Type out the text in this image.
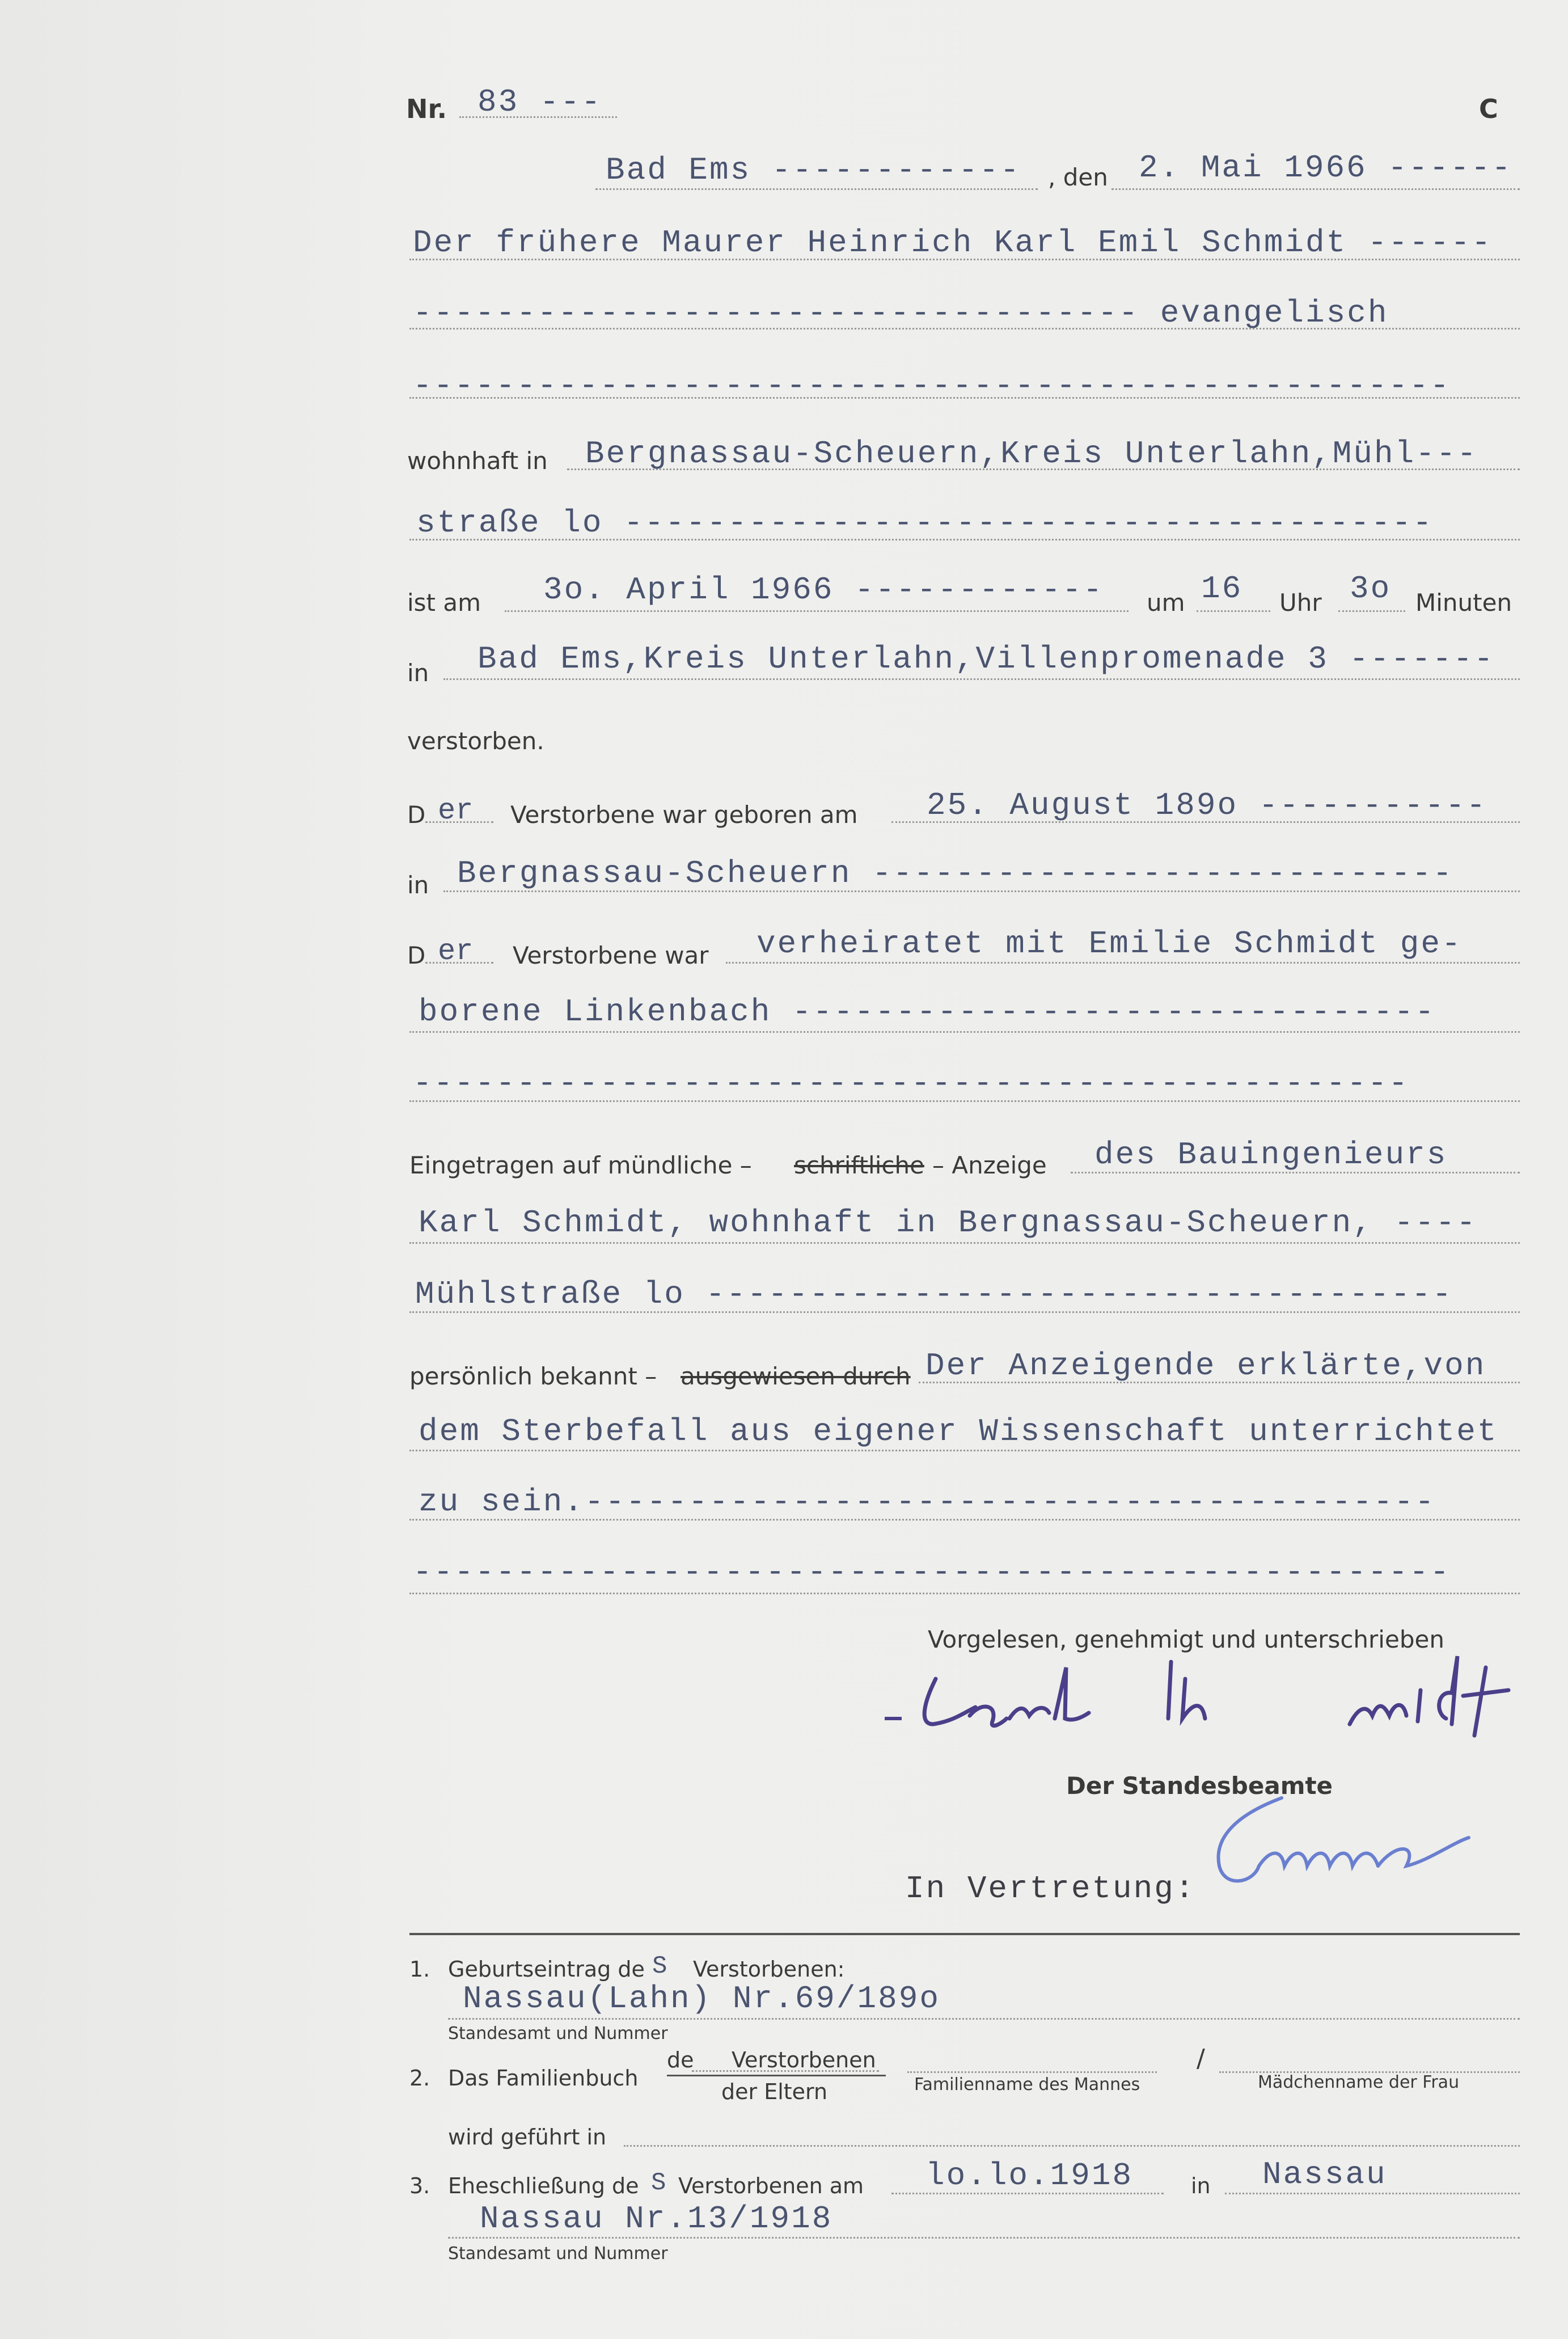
Nr. 83 ---	C
Bad Ems ------------ , den 2. Mai 1966 ------
Der frühere Maurer Heinrich Karl Emil Schmidt ------
----------------------------------- evangelisch
--------------------------------------------------
wohnhaft in Bergnassau-Scheuern,Kreis Unterlahn,Mühl---
straße lo ---------------------------------------
ist am 3o. April 1966 ------------ um 16 Uhr 3o Minuten
in Bad Ems,Kreis Unterlahn,Villenpromenade 3 -------
verstorben.
D er Verstorbene war geboren am 25. August 189o -----------
in Bergnassau-Scheuern ----------------------------
D er Verstorbene war verheiratet mit Emilie Schmidt ge-
borene Linkenbach -------------------------------
------------------------------------------------
Eingetragen auf mündliche – schriftliche – Anzeige des Bauingenieurs
Karl Schmidt, wohnhaft in Bergnassau-Scheuern, ----
Mühlstraße lo ------------------------------------
persönlich bekannt – ausgewiesen durch Der Anzeigende erklärte,von
dem Sterbefall aus eigener Wissenschaft unterrichtet
zu sein.-----------------------------------------
--------------------------------------------------
Vorgelesen, genehmigt und unterschrieben
Der Standesbeamte
In Vertretung:
1. Geburtseintrag de S Verstorbenen:
Nassau(Lahn) Nr.69/189o
Standesamt und Nummer
2. Das Familienbuch
de Verstorbenen
der Eltern	Familienname des Mannes
/
Mädchenname der Frau
wird geführt in
3. Eheschließung de S Verstorbenen am lo.lo.1918	in Nassau
Nassau Nr.13/1918
Standesamt und Nummer
